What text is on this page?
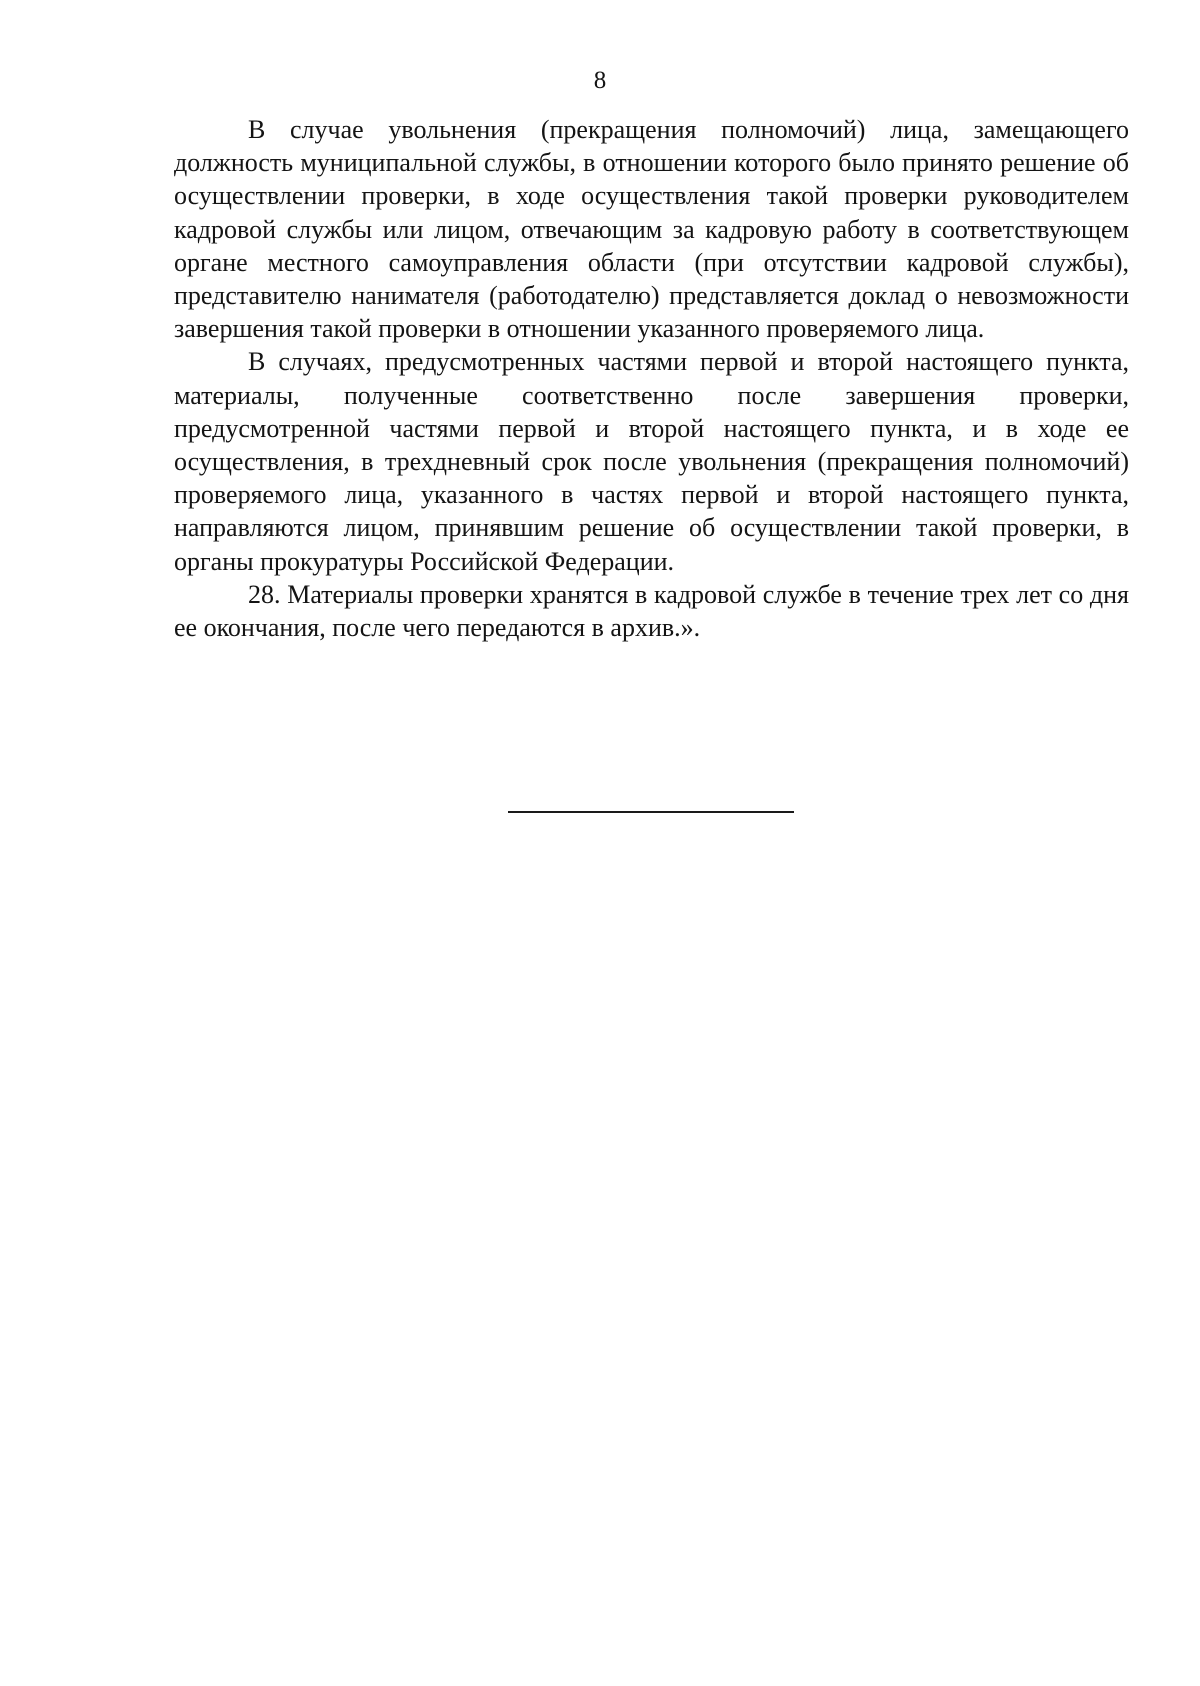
8

В случае увольнения (прекращения полномочий) лица, замещающего должность муниципальной службы, в отношении которого было принято решение об осуществлении проверки, в ходе осуществления такой проверки руководителем кадровой службы или лицом, отвечающим за кадровую работу в соответствующем органе местного самоуправления области (при отсутствии кадровой службы), представителю нанимателя (работодателю) представляется доклад о невозможности завершения такой проверки в отношении указанного проверяемого лица.

В случаях, предусмотренных частями первой и второй настоящего пункта, материалы, полученные соответственно после завершения проверки, предусмотренной частями первой и второй настоящего пункта, и в ходе ее осуществления, в трехдневный срок после увольнения (прекращения полномочий) проверяемого лица, указанного в частях первой и второй настоящего пункта, направляются лицом, принявшим решение об осуществлении такой проверки, в органы прокуратуры Российской Федерации.

28. Материалы проверки хранятся в кадровой службе в течение трех лет со дня ее окончания, после чего передаются в архив.».
